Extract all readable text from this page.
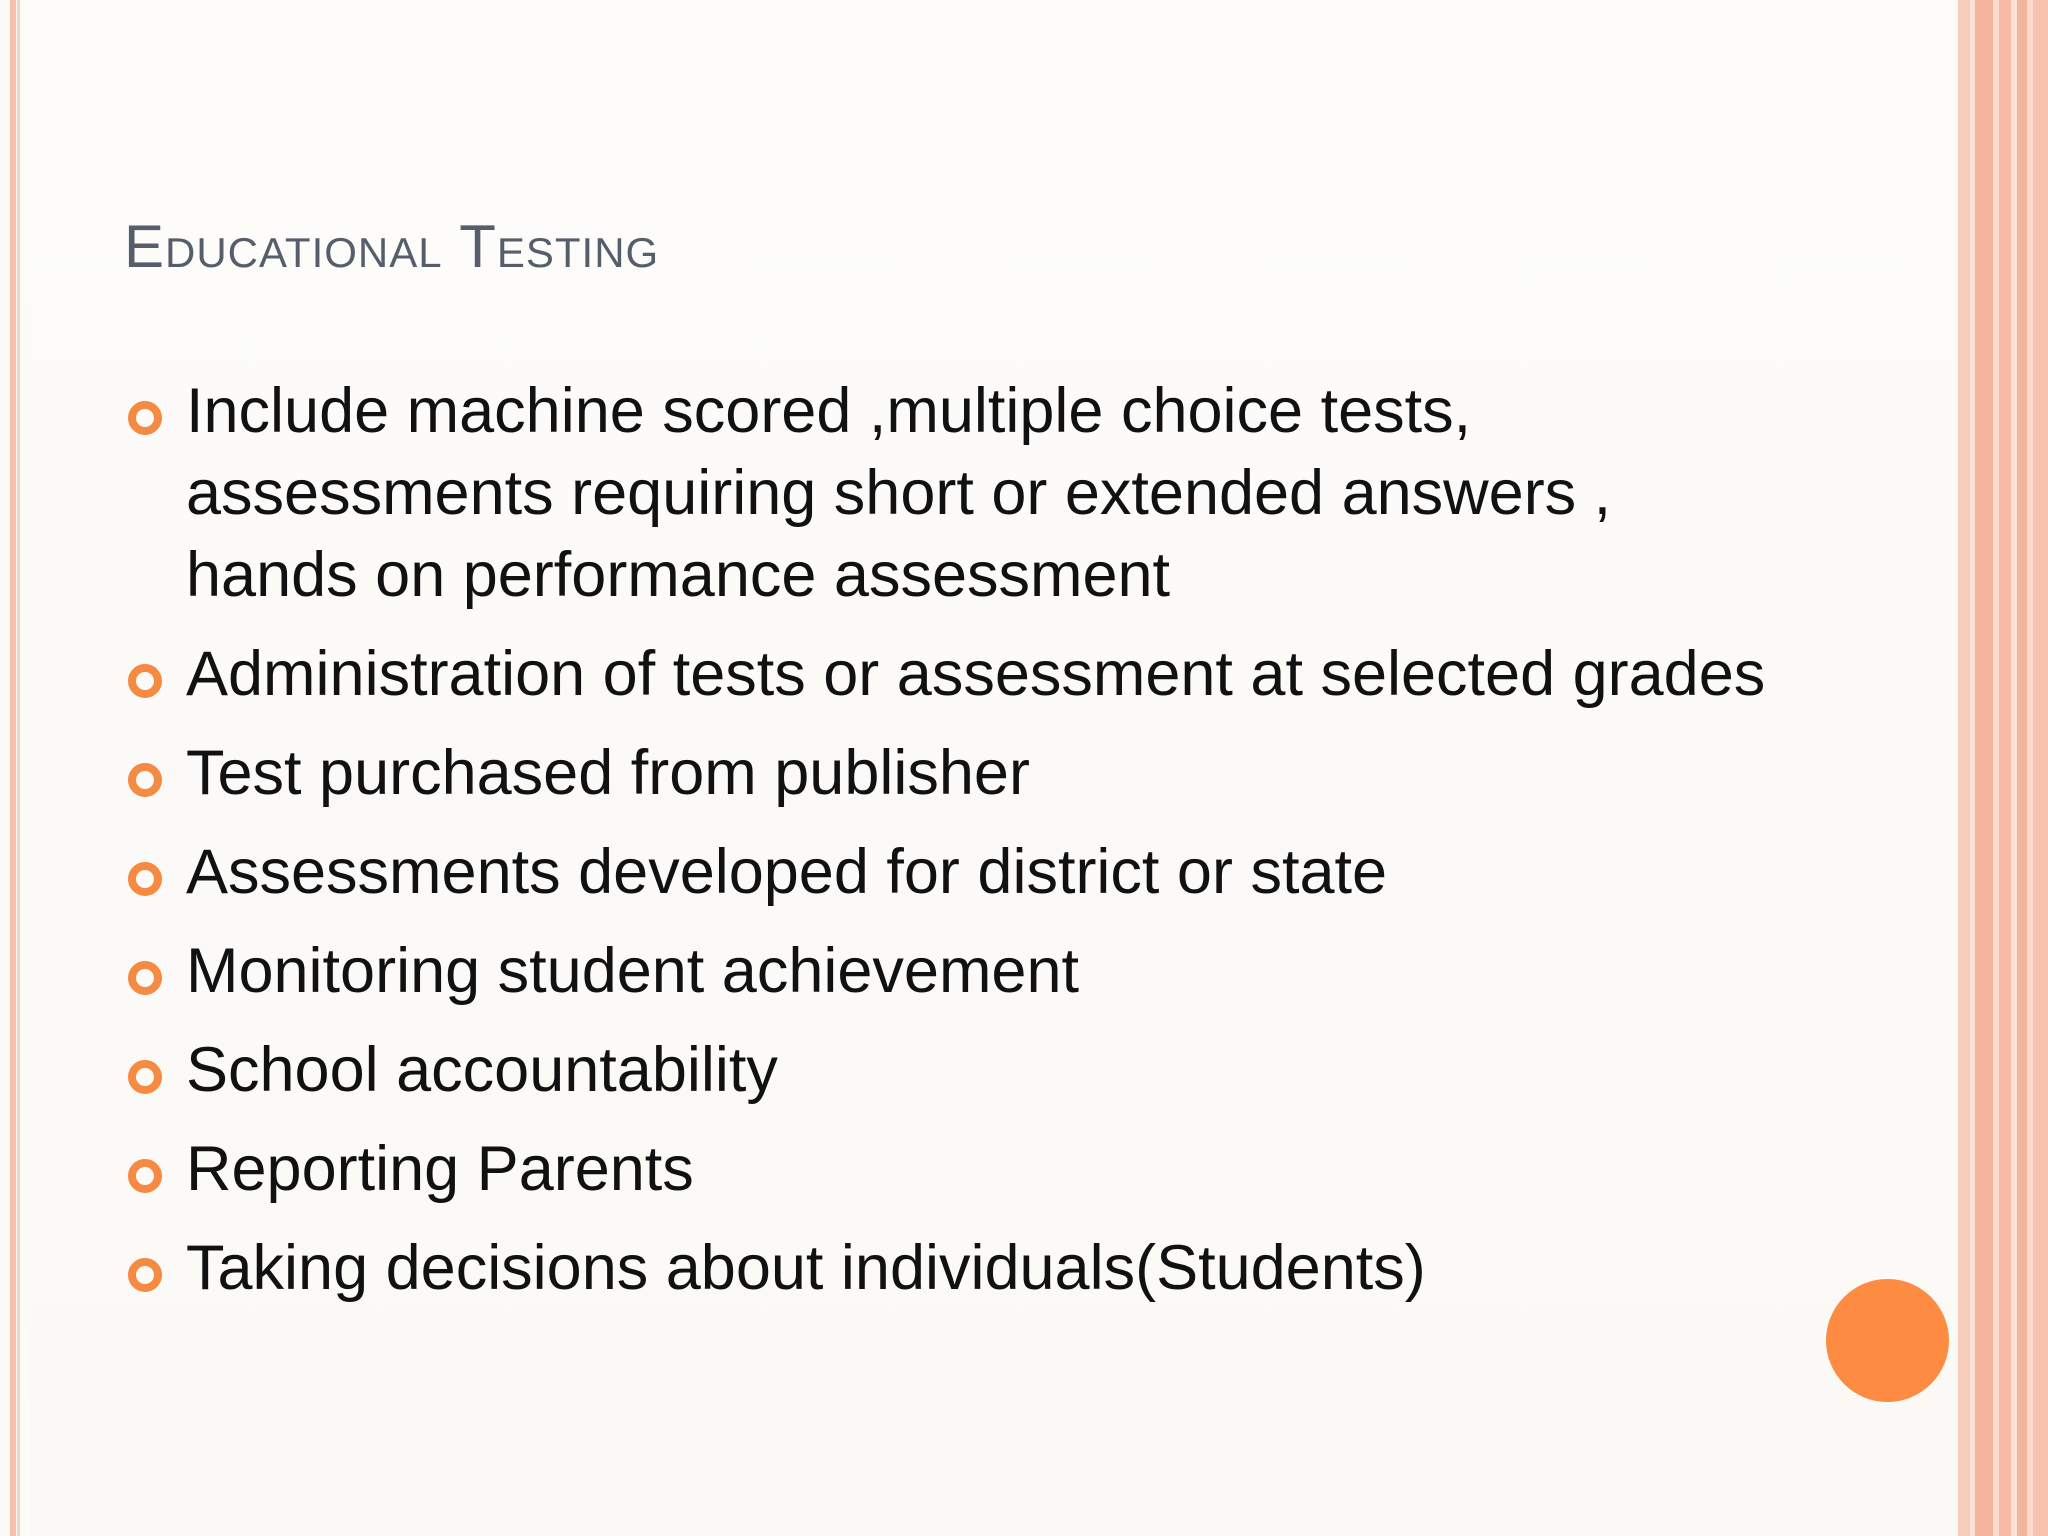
Educational Testing
Include machine scored ,multiple choice tests, assessments requiring short or extended answers , hands on performance assessment
Administration of tests or assessment at selected grades
Test purchased from publisher
Assessments developed for district or state
Monitoring student achievement
School accountability
Reporting Parents
Taking decisions about individuals(Students)
